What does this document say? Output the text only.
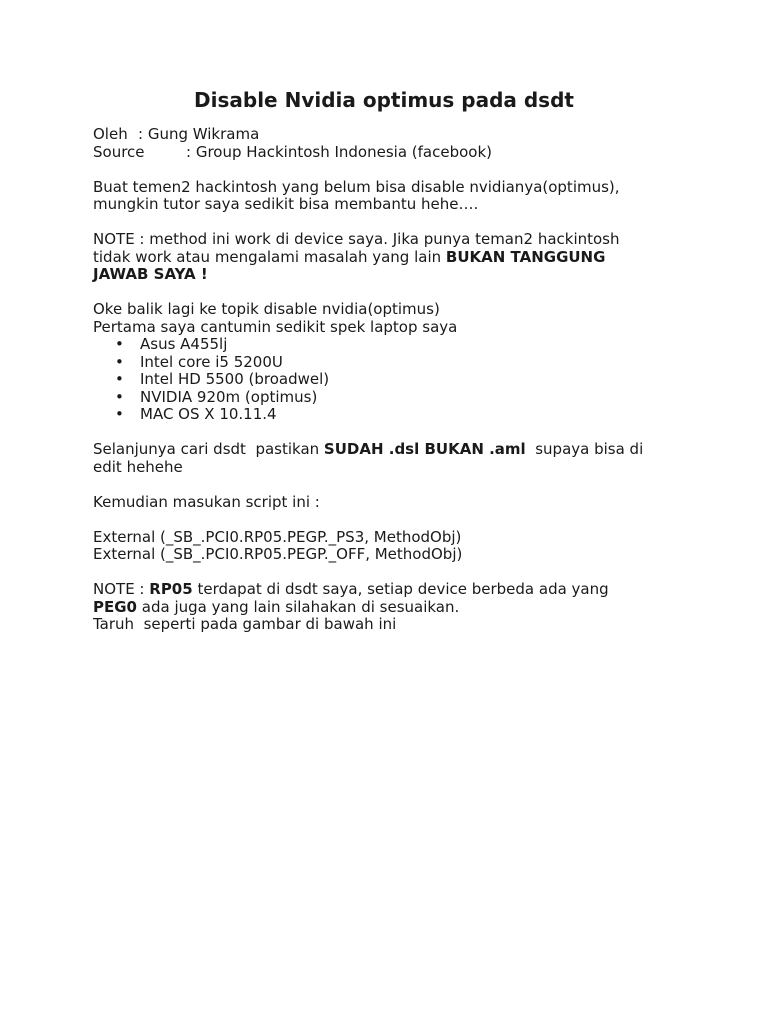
Disable Nvidia optimus pada dsdt
Oleh : Gung Wikrama
Source	: Group Hackintosh Indonesia (facebook)
Buat temen2 hackintosh yang belum bisa disable nvidianya(optimus),
mungkin tutor saya sedikit bisa membantu hehe….
NOTE : method ini work di device saya. Jika punya teman2 hackintosh
tidak work atau mengalami masalah yang lain BUKAN TANGGUNG
JAWAB SAYA !
Oke balik lagi ke topik disable nvidia(optimus)
Pertama saya cantumin sedikit spek laptop saya
• Asus A455lj
• Intel core i5 5200U
• Intel HD 5500 (broadwel)
• NVIDIA 920m (optimus)
• MAC OS X 10.11.4
Selanjunya cari dsdt  pastikan SUDAH .dsl BUKAN .aml  supaya bisa di
edit hehehe
Kemudian masukan script ini :
External (_SB_.PCI0.RP05.PEGP._PS3, MethodObj)
External (_SB_.PCI0.RP05.PEGP._OFF, MethodObj)
NOTE : RP05 terdapat di dsdt saya, setiap device berbeda ada yang
PEG0 ada juga yang lain silahakan di sesuaikan.
Taruh  seperti pada gambar di bawah ini
